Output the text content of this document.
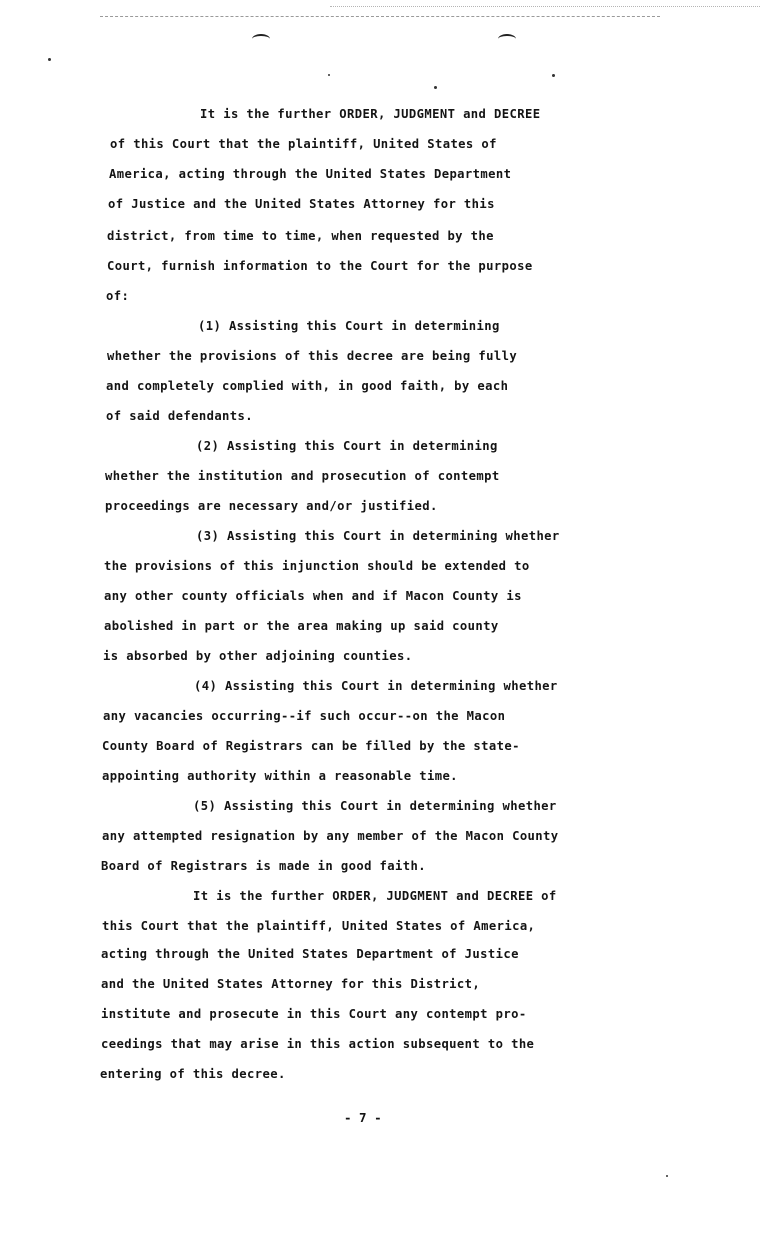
It is the further ORDER, JUDGMENT and DECREE
of this Court that the plaintiff, United States of
America, acting through the United States Department
of Justice and the United States Attorney for this
district, from time to time, when requested by the
Court, furnish information to the Court for the purpose
of:
(1) Assisting this Court in determining
whether the provisions of this decree are being fully
and completely complied with, in good faith, by each
of said defendants.
(2) Assisting this Court in determining
whether the institution and prosecution of contempt
proceedings are necessary and/or justified.
(3) Assisting this Court in determining whether
the provisions of this injunction should be extended to
any other county officials when and if Macon County is
abolished in part or the area making up said county
is absorbed by other adjoining counties.
(4) Assisting this Court in determining whether
any vacancies occurring--if such occur--on the Macon
County Board of Registrars can be filled by the state-
appointing authority within a reasonable time.
(5) Assisting this Court in determining whether
any attempted resignation by any member of the Macon County
Board of Registrars is made in good faith.
It is the further ORDER, JUDGMENT and DECREE of
this Court that the plaintiff, United States of America,
acting through the United States Department of Justice
and the United States Attorney for this District,
institute and prosecute in this Court any contempt pro-
ceedings that may arise in this action subsequent to the
entering of this decree.
- 7 -
